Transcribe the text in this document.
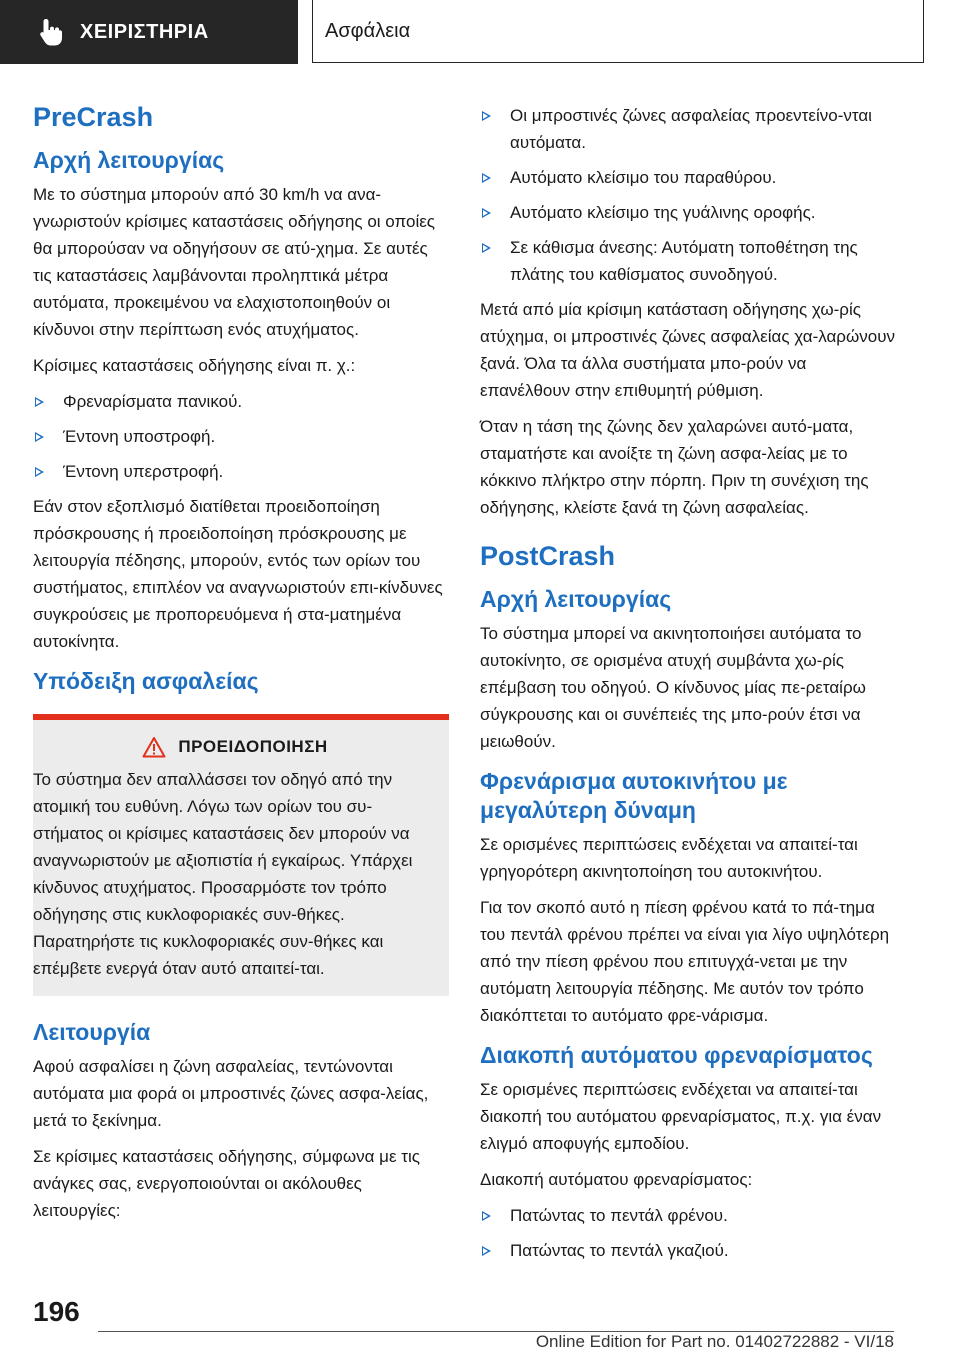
ΧΕΙΡΙΣΤΗΡΙΑ	Ασφάλεια
PreCrash
Αρχή λειτουργίας

Με το σύστημα μπορούν από 30 km/h να ανα‐γνωριστούν κρίσιμες καταστάσεις οδήγησης οι οποίες θα μπορούσαν να οδηγήσουν σε ατύ‐χημα. Σε αυτές τις καταστάσεις λαμβάνονται προληπτικά μέτρα αυτόματα, προκειμένου να ελαχιστοποιηθούν οι κίνδυνοι στην περίπτωση ενός ατυχήματος.

Κρίσιμες καταστάσεις οδήγησης είναι π. χ.:

Φρεναρίσματα πανικού.
Έντονη υποστροφή.
Έντονη υπερστροφή.

Εάν στον εξοπλισμό διατίθεται προειδοποίηση πρόσκρουσης ή προειδοποίηση πρόσκρουσης με λειτουργία πέδησης, μπορούν, εντός των ορίων του συστήματος, επιπλέον να αναγνωριστούν επι‐κίνδυνες συγκρούσεις με προπορευόμενα ή στα‐ματημένα αυτοκίνητα.

Υπόδειξη ασφαλείας
ΠΡΟΕΙΔΟΠΟΙΗΣΗ

Το σύστημα δεν απαλλάσσει τον οδηγό από την ατομική του ευθύνη. Λόγω των ορίων του συ‐στήματος οι κρίσιμες καταστάσεις δεν μπορούν να αναγνωριστούν με αξιοπιστία ή εγκαίρως. Υπάρχει κίνδυνος ατυχήματος. Προσαρμόστε τον τρόπο οδήγησης στις κυκλοφοριακές συν‐θήκες. Παρατηρήστε τις κυκλοφοριακές συν‐θήκες και επέμβετε ενεργά όταν αυτό απαιτεί‐ται.

Λειτουργία

Αφού ασφαλίσει η ζώνη ασφαλείας, τεντώνονται αυτόματα μια φορά οι μπροστινές ζώνες ασφα‐λείας, μετά το ξεκίνημα.

Σε κρίσιμες καταστάσεις οδήγησης, σύμφωνα με τις ανάγκες σας, ενεργοποιούνται οι ακόλουθες λειτουργίες:

Οι μπροστινές ζώνες ασφαλείας προεντείνο‐νται αυτόματα.
Αυτόματο κλείσιμο του παραθύρου.
Αυτόματο κλείσιμο της γυάλινης οροφής.
Σε κάθισμα άνεσης: Αυτόματη τοποθέτηση της πλάτης του καθίσματος συνοδηγού.

Μετά από μία κρίσιμη κατάσταση οδήγησης χω‐ρίς ατύχημα, οι μπροστινές ζώνες ασφαλείας χα‐λαρώνουν ξανά. Όλα τα άλλα συστήματα μπο‐ρούν να επανέλθουν στην επιθυμητή ρύθμιση.

Όταν η τάση της ζώνης δεν χαλαρώνει αυτό‐ματα, σταματήστε και ανοίξτε τη ζώνη ασφα‐λείας με το κόκκινο πλήκτρο στην πόρπη. Πριν τη συνέχιση της οδήγησης, κλείστε ξανά τη ζώνη ασφαλείας.

PostCrash
Αρχή λειτουργίας

Το σύστημα μπορεί να ακινητοποιήσει αυτόματα το αυτοκίνητο, σε ορισμένα ατυχή συμβάντα χω‐ρίς επέμβαση του οδηγού. Ο κίνδυνος μίας πε‐ρεταίρω σύγκρουσης και οι συνέπειές της μπο‐ρούν έτσι να μειωθούν.

Φρενάρισμα αυτοκινήτου με μεγαλύτερη δύναμη

Σε ορισμένες περιπτώσεις ενδέχεται να απαιτεί‐ται γρηγορότερη ακινητοποίηση του αυτοκινήτου.

Για τον σκοπό αυτό η πίεση φρένου κατά το πά‐τημα του πεντάλ φρένου πρέπει να είναι για λίγο υψηλότερη από την πίεση φρένου που επιτυγχά‐νεται με την αυτόματη λειτουργία πέδησης. Με αυτόν τον τρόπο διακόπτεται το αυτόματο φρε‐νάρισμα.

Διακοπή αυτόματου φρεναρίσματος

Σε ορισμένες περιπτώσεις ενδέχεται να απαιτεί‐ται διακοπή του αυτόματου φρεναρίσματος, π.χ. για έναν ελιγμό αποφυγής εμποδίου.

Διακοπή αυτόματου φρεναρίσματος:

Πατώντας το πεντάλ φρένου.
Πατώντας το πεντάλ γκαζιού.
196
Online Edition for Part no. 01402722882 - VI/18
